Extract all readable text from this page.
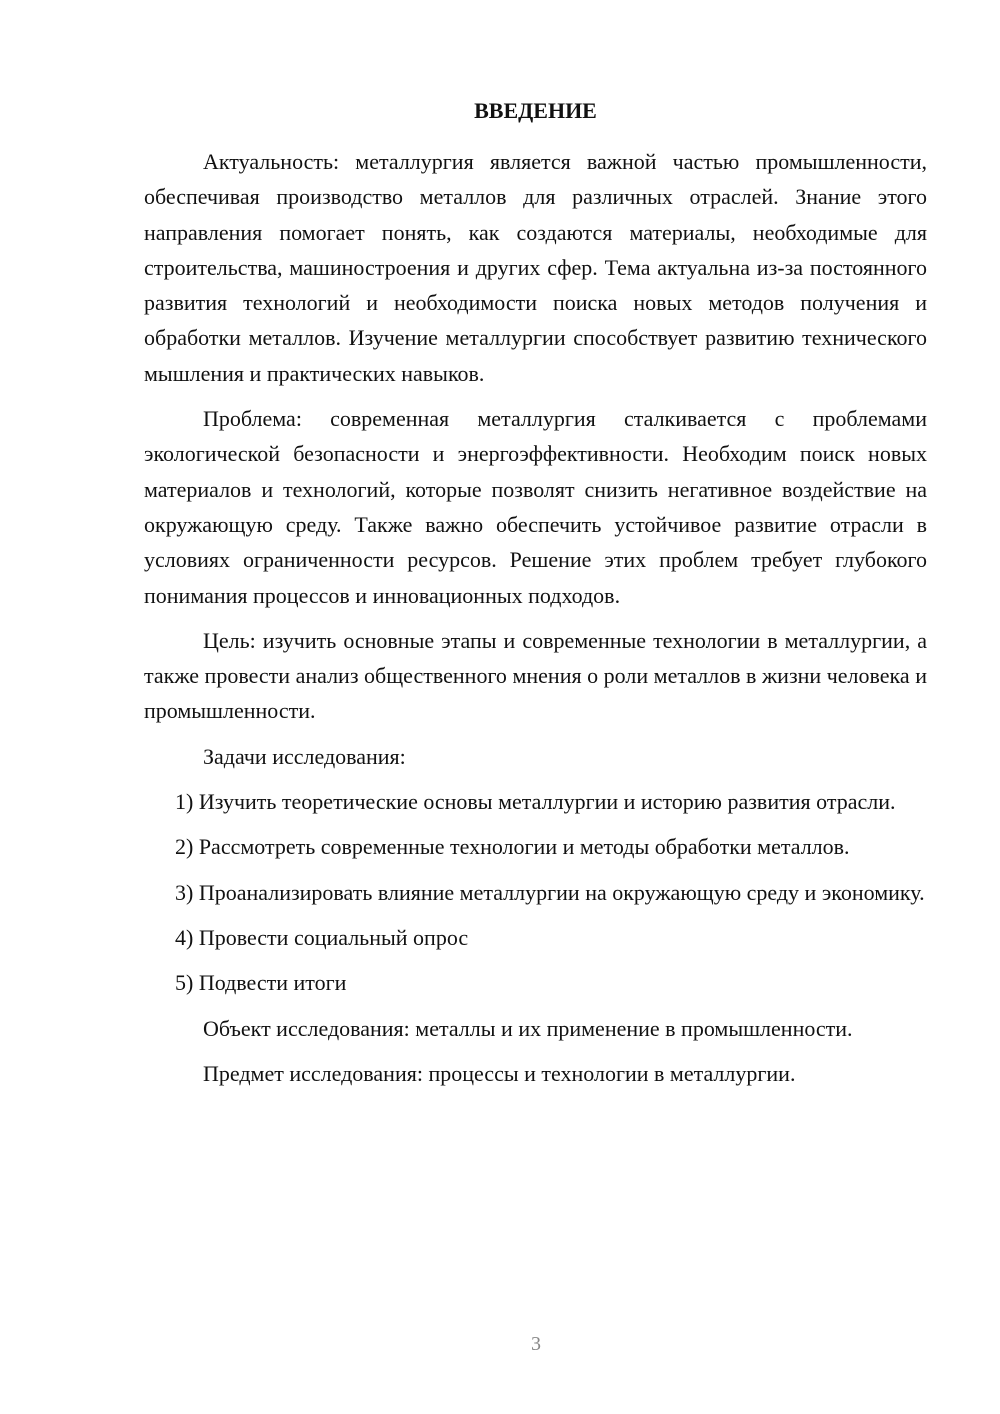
ВВЕДЕНИЕ

Актуальность: металлургия является важной частью промышленности, обеспечивая производство металлов для различных отраслей. Знание этого направления помогает понять, как создаются материалы, необходимые для строительства, машиностроения и других сфер. Тема актуальна из-за постоянного развития технологий и необходимости поиска новых методов получения и обработки металлов. Изучение металлургии способствует развитию технического мышления и практических навыков.

Проблема: современная металлургия сталкивается с проблемами экологической безопасности и энергоэффективности. Необходим поиск новых материалов и технологий, которые позволят снизить негативное воздействие на окружающую среду. Также важно обеспечить устойчивое развитие отрасли в условиях ограниченности ресурсов. Решение этих проблем требует глубокого понимания процессов и инновационных подходов.

Цель: изучить основные этапы и современные технологии в металлургии, а также провести анализ общественного мнения о роли металлов в жизни человека и промышленности.

Задачи исследования:

1) Изучить теоретические основы металлургии и историю развития отрасли.

2) Рассмотреть современные технологии и методы обработки металлов.

3) Проанализировать влияние металлургии на окружающую среду и экономику.

4) Провести социальный опрос

5) Подвести итоги

Объект исследования: металлы и их применение в промышленности.

Предмет исследования: процессы и технологии в металлургии.

3
